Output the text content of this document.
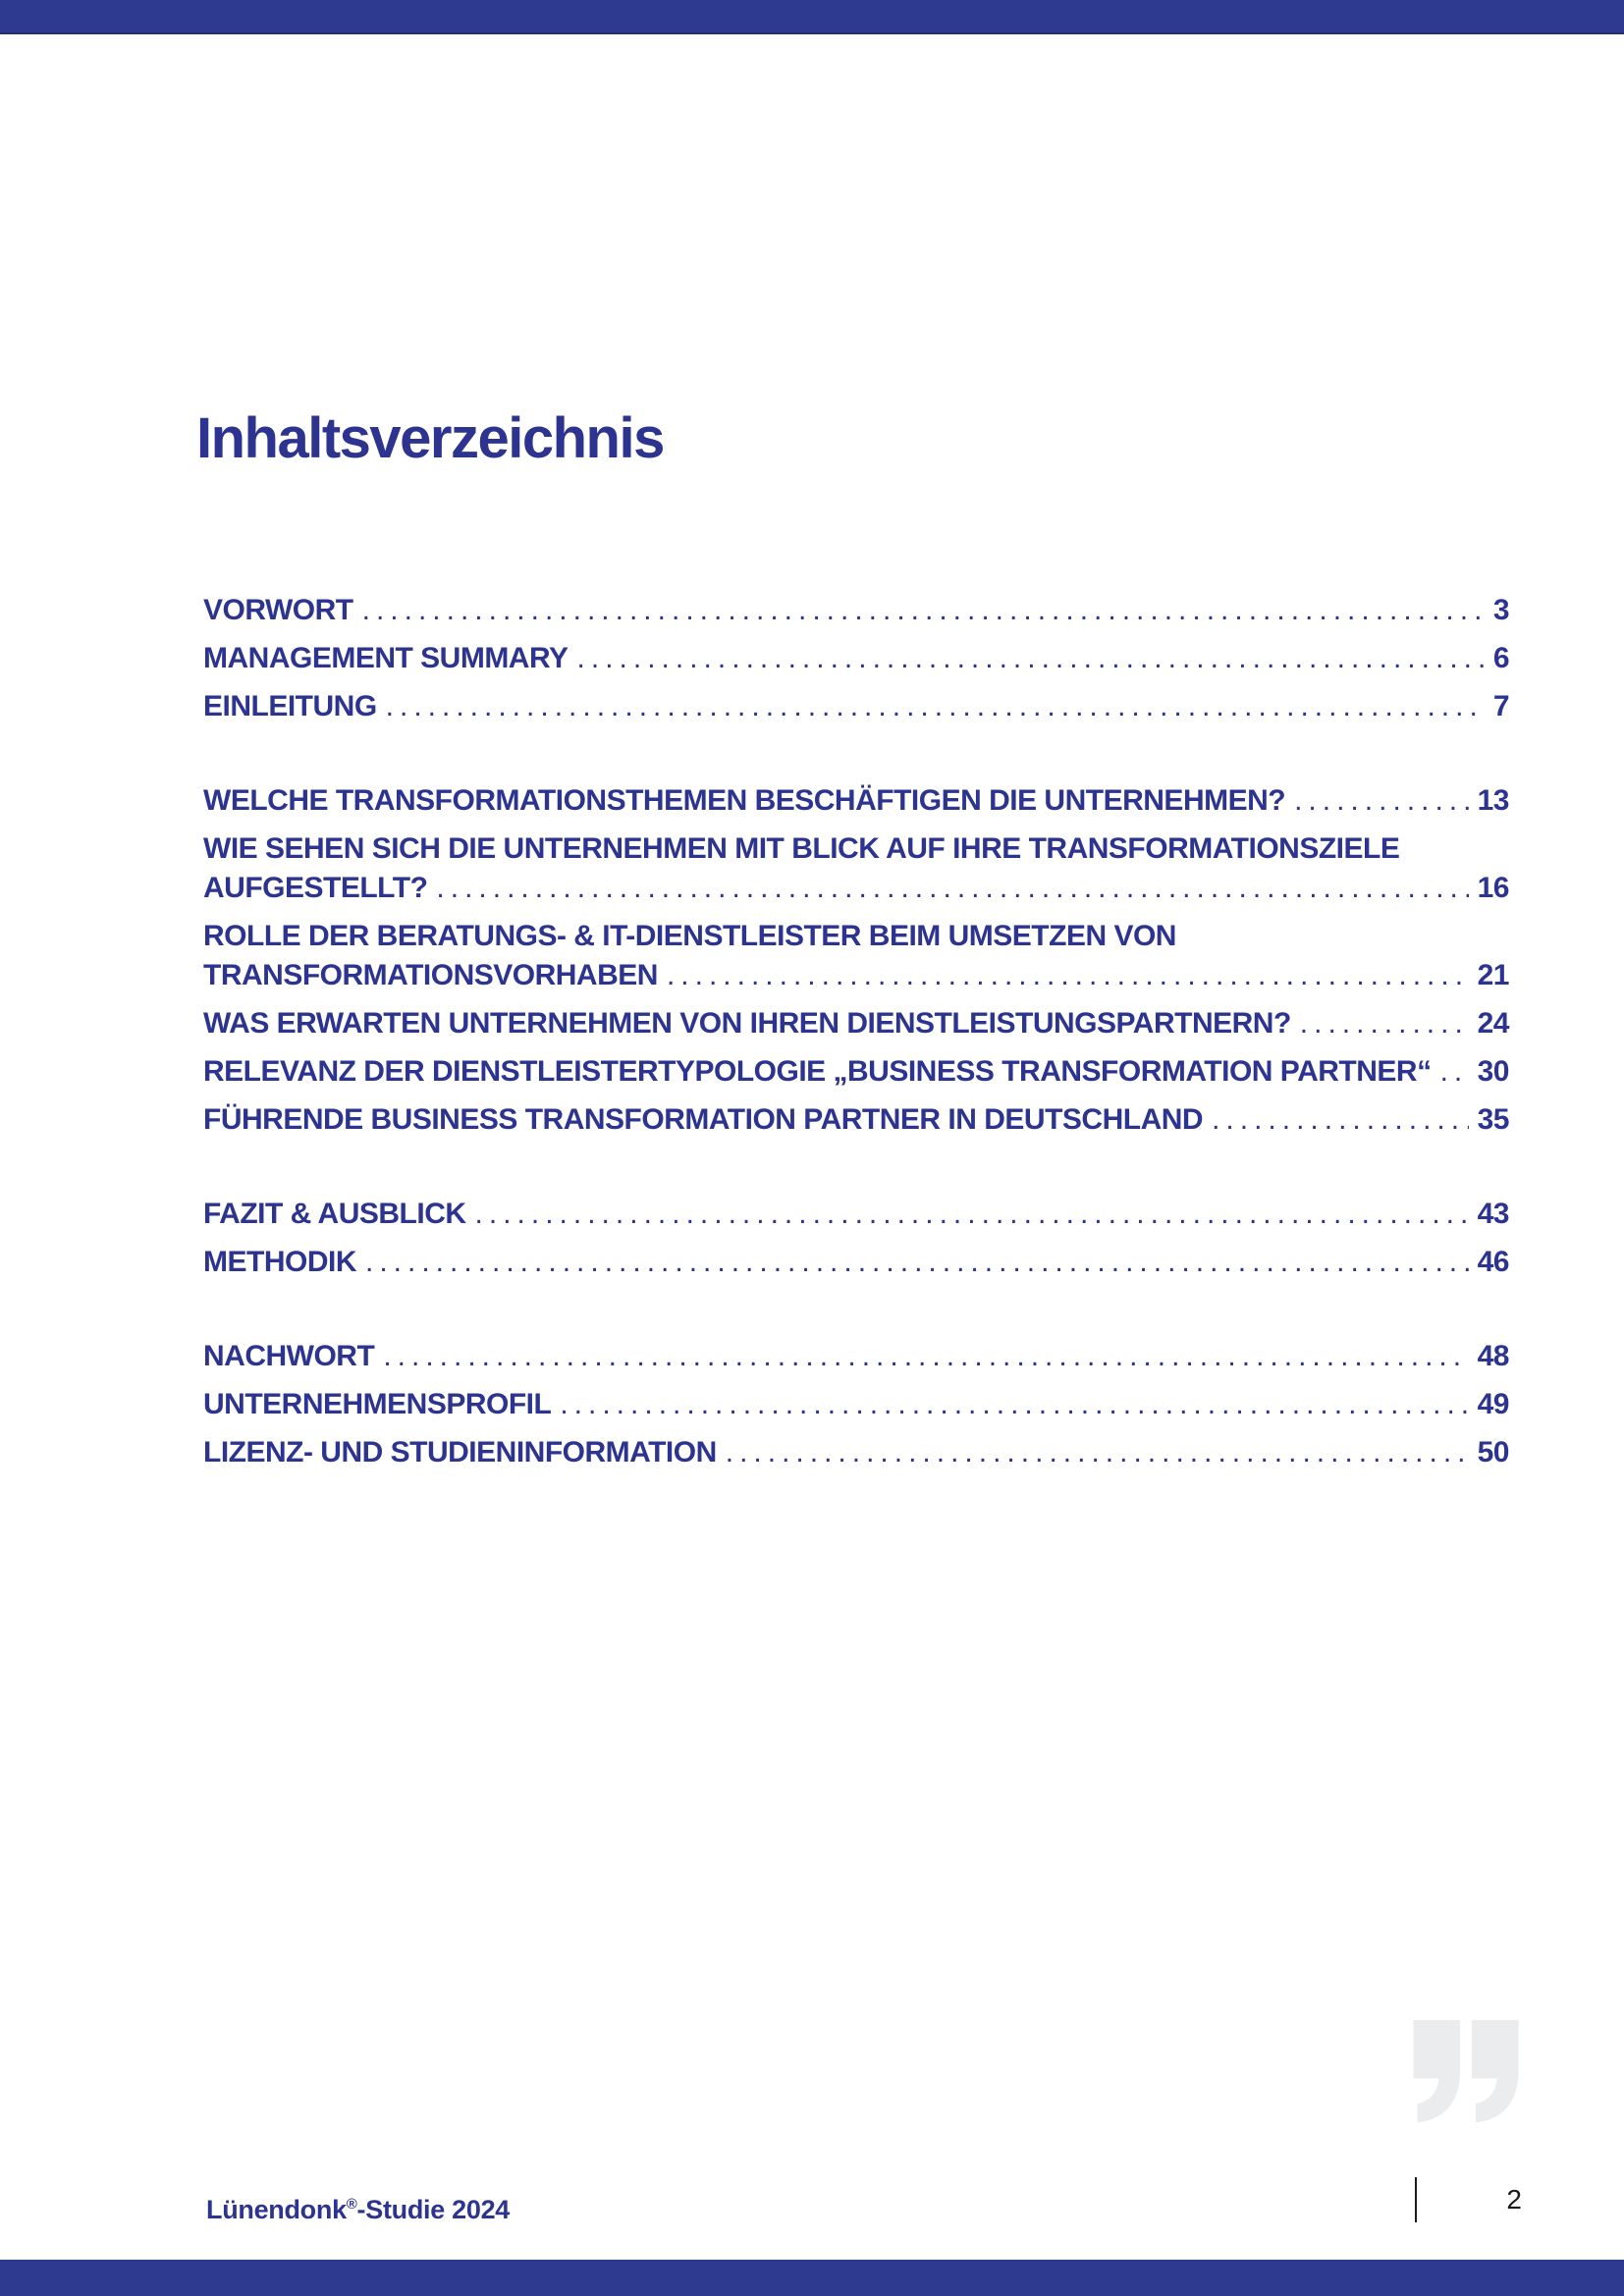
Inhaltsverzeichnis
VORWORT .....	3
MANAGEMENT SUMMARY .....	6
EINLEITUNG .....	7
WELCHE TRANSFORMATIONSTHEMEN BESCHÄFTIGEN DIE UNTERNEHMEN? .....	13
WIE SEHEN SICH DIE UNTERNEHMEN MIT BLICK AUF IHRE TRANSFORMATIONSZIELE
AUFGESTELLT? .....	16
ROLLE DER BERATUNGS- & IT-DIENSTLEISTER BEIM UMSETZEN VON
TRANSFORMATIONSVORHABEN .....	21
WAS ERWARTEN UNTERNEHMEN VON IHREN DIENSTLEISTUNGSPARTNERN? .....	24
RELEVANZ DER DIENSTLEISTERTYPOLOGIE „BUSINESS TRANSFORMATION PARTNER“ ..... 30
FÜHRENDE BUSINESS TRANSFORMATION PARTNER IN DEUTSCHLAND .....	35
FAZIT & AUSBLICK .....	43
METHODIK .....	46
NACHWORT .....	48
UNTERNEHMENSPROFIL .....	49
LIZENZ- UND STUDIENINFORMATION .....	50
Lünendonk®-Studie 2024	2
